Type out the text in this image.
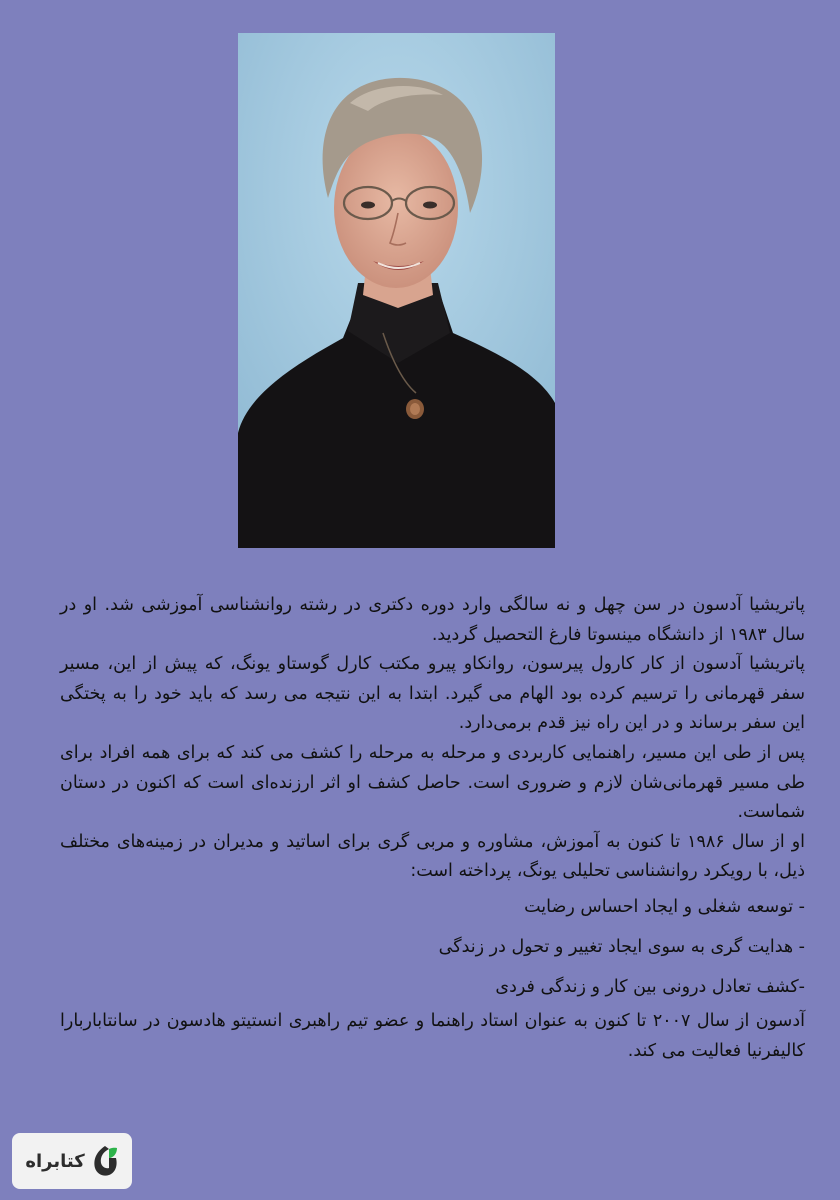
پاتریشیا آدسون در سن چهل و نه سالگی وارد دوره دکتری در رشته روانشناسی آموزشی شد. او در سال ۱۹۸۳ از دانشگاه مینسوتا فارغ التحصیل گردید.

پاتریشیا آدسون از کار کارول پیرسون، روانکاو پیرو مکتب کارل گوستاو یونگ، که پیش از این، مسیر سفر قهرمانی را ترسیم کرده بود الهام می گیرد. ابتدا به این نتیجه می رسد که باید خود را به پختگی این سفر برساند و در این راه نیز قدم برمی‌دارد.

پس از طی این مسیر، راهنمایی کاربردی و مرحله به مرحله را کشف می کند که برای همه افراد برای طی مسیر قهرمانی‌شان لازم و ضروری است. حاصل کشف او اثر ارزنده‌ای است که اکنون در دستان شماست.

او از سال ۱۹۸۶ تا کنون به آموزش، مشاوره و مربی گری برای اساتید و مدیران در زمینه‌های مختلف ذیل، با رویکرد روانشناسی تحلیلی یونگ، پرداخته است:

- توسعه شغلی و ایجاد احساس رضایت
- هدایت گری به سوی ایجاد تغییر و تحول در زندگی
-کشف تعادل درونی بین کار و زندگی فردی

آدسون از سال ۲۰۰۷ تا کنون به عنوان استاد راهنما و عضو تیم راهبری انستیتو هادسون در سانتاباربارا کالیفرنیا فعالیت می کند.

کتابراه
